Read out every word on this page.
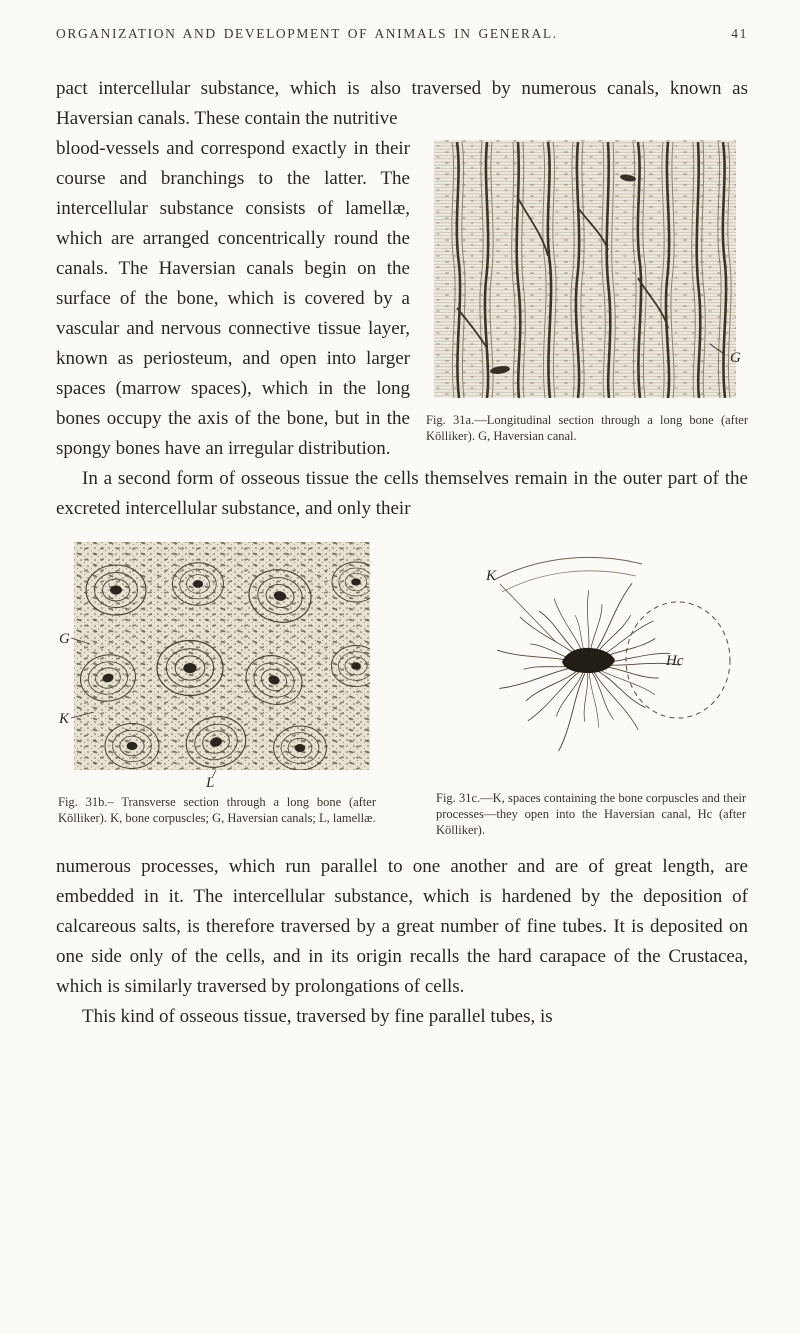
ORGANIZATION AND DEVELOPMENT OF ANIMALS IN GENERAL.	41

pact intercellular substance, which is also traversed by numerous canals, known as Haversian canals. These contain the nutritive

G
Fig. 31a.—Longitudinal section through a long bone (after Kölliker). G, Haversian canal.

blood-vessels and correspond exactly in their course and branchings to the latter. The intercellular substance consists of lamellæ, which are arranged concentrically round the canals. The Haversian canals begin on the surface of the bone, which is covered by a vascular and nervous connective tissue layer, known as periosteum, and open into larger spaces (marrow spaces), which in the long bones occupy the axis of the bone, but in the spongy bones have an irregular distribution.

In a second form of osseous tissue the cells themselves remain in the outer part of the excreted intercellular substance, and only their

G
K
L
Fig. 31b.– Transverse section through a long bone (after Kölliker). K, bone corpuscles; G, Haversian canals; L, lamellæ.
Hc
K
Fig. 31c.—K, spaces containing the bone corpuscles and their processes—they open into the Haversian canal, Hc (after Kölliker).

numerous processes, which run parallel to one another and are of great length, are embedded in it. The intercellular substance, which is hardened by the deposition of calcareous salts, is therefore traversed by a great number of fine tubes. It is deposited on one side only of the cells, and in its origin recalls the hard carapace of the Crustacea, which is similarly traversed by prolongations of cells.

This kind of osseous tissue, traversed by fine parallel tubes, is
